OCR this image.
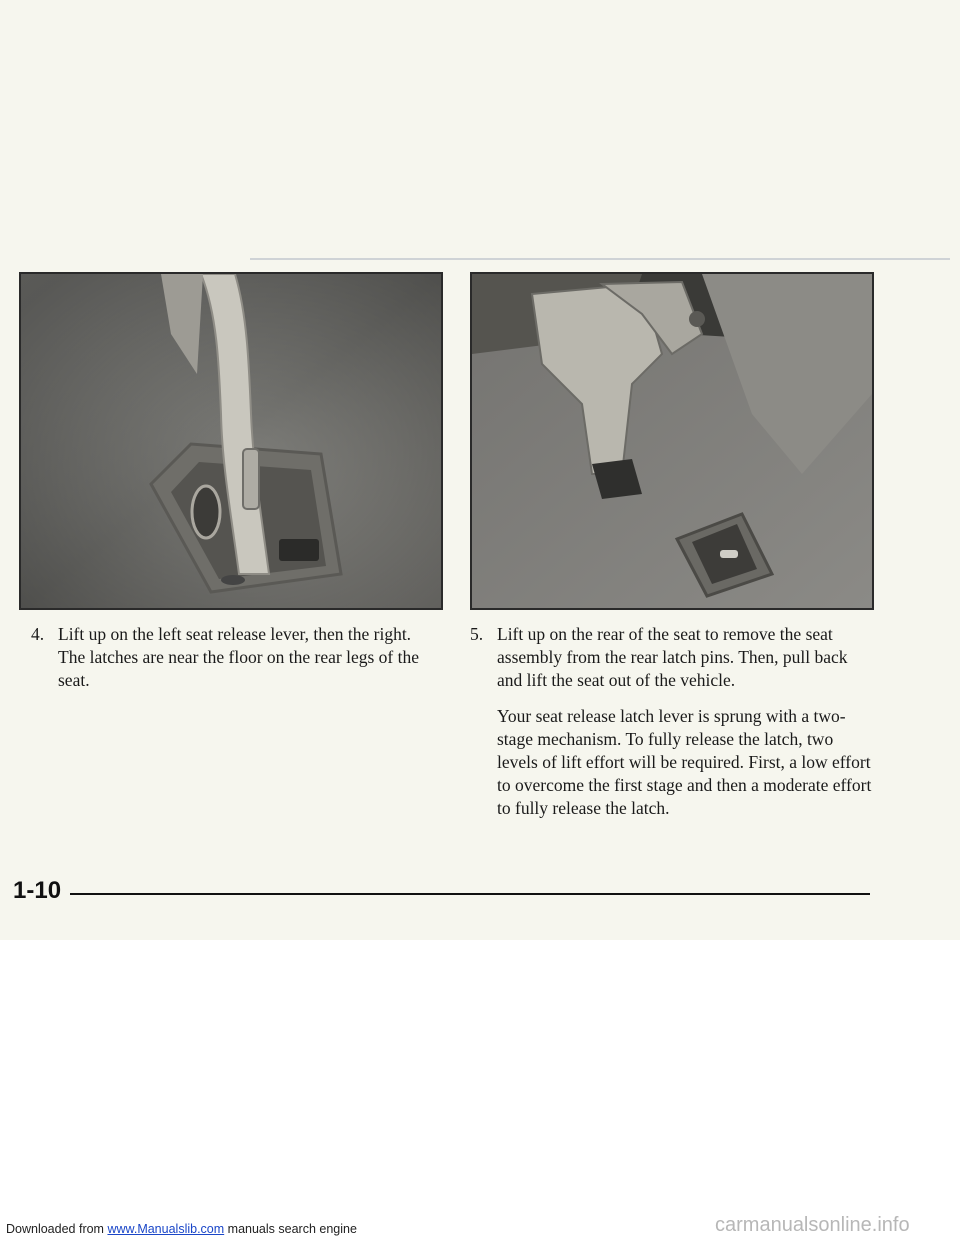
4. Lift up on the left seat release lever, then the right. The latches are near the floor on the rear legs of the seat.
5. Lift up on the rear of the seat to remove the seat assembly from the rear latch pins. Then, pull back and lift the seat out of the vehicle.
Your seat release latch lever is sprung with a two-stage mechanism. To fully release the latch, two levels of lift effort will be required. First, a low effort to overcome the first stage and then a moderate effort to fully release the latch.
1-10
Downloaded from www.Manualslib.com manuals search engine	carmanualsonline.info
